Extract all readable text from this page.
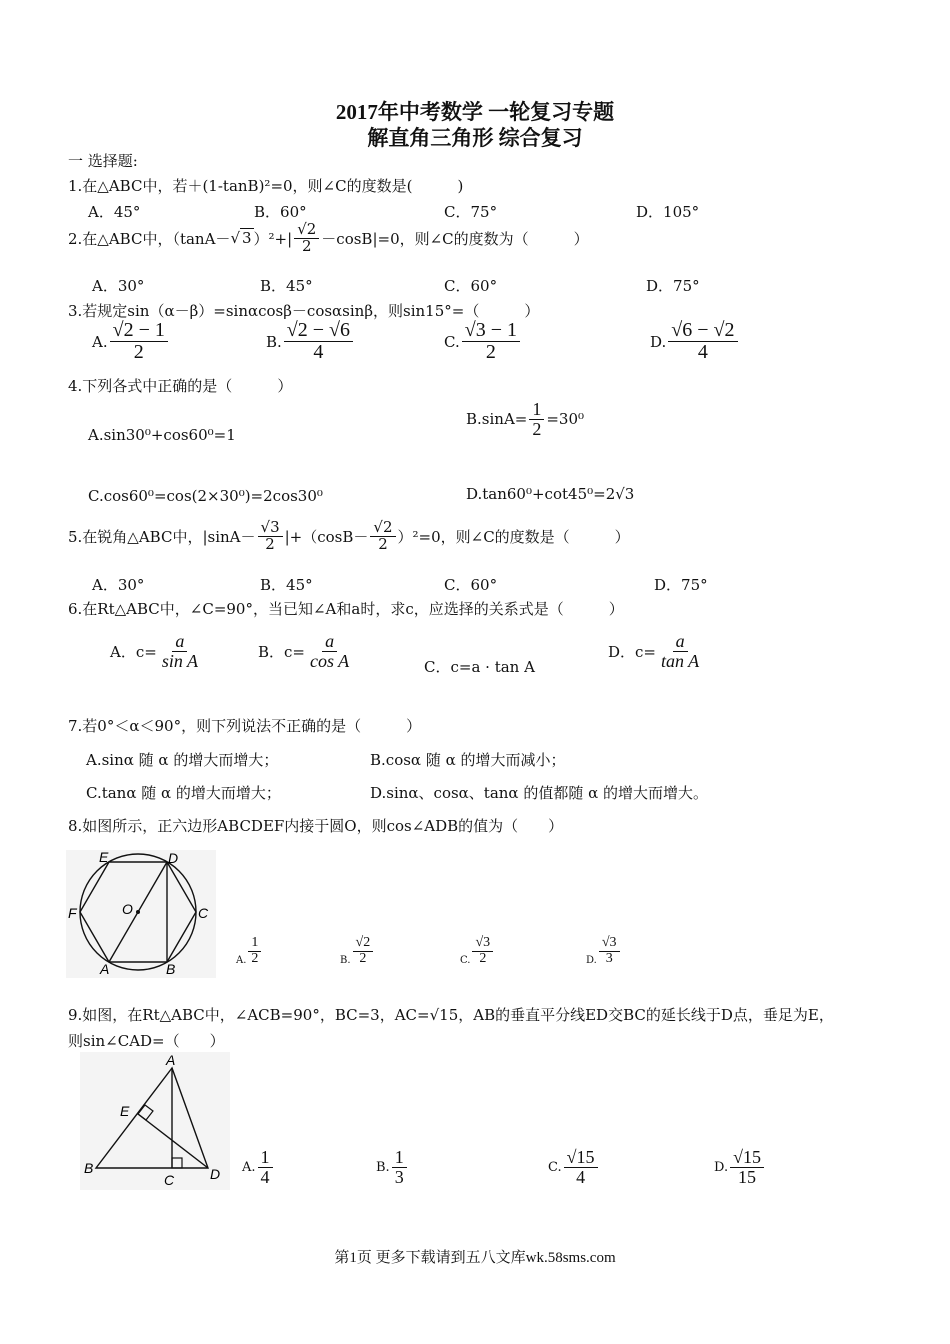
2017年中考数学 一轮复习专题
解直角三角形 综合复习
一 选择题:
1.在△ABC中，若＋(1-tanB)²=0，则∠C的度数是(　　　)
A．45°	B．60°	C．75°	D．105°
2.在△ABC中，（tanA－ √ 3 ）$^2+| \frac{√2}{2} -\cos B|=0$，则∠C的度数为（　　　）
A．30°	B．45°	C．60°	D．75°
3.若规定sin（α－β）=sinαcosβ－cosαsinβ，则sin15°=（　　　）
A. $\frac{√2 - 1}{2}$	B. $\frac{√2 - √6}{4}$	C. $\frac{√3 - 1}{2}$	D. $\frac{√6 - √2}{4}$
4.下列各式中正确的是（　　　）
A.sin30⁰+cos60⁰=1
$B.\sin A= \frac{1}{2} =30^0$
C.cos60⁰=cos(2×30⁰)=2cos30⁰	D.tan60⁰+cot45⁰=2√3
5.在锐角△ABC中，$|\sin A- \frac{√3}{2} |+(\cos B- \frac{√2}{2} )^2=0$，则∠C的度数是（　　　）
A．30°	B．45°	C．60°	D．75°
6.在Rt△ABC中，∠C=90°，当已知∠A和a时，求c，应选择的关系式是（　　　）
A．$c= \frac{a}{\text{sin A}}$	B．$c= \frac{a}{\text{cos A}}$	C．c=a · tan A
D．$c= \frac{a}{\text{tan A}}$
7.若0°＜α＜90°，则下列说法不正确的是（　　　）
A.sinα 随 α 的增大而增大；	B.cosα 随 α 的增大而减小；
C.tanα 随 α 的增大而增大；	D.sinα、cosα、tanα 的值都随 α 的增大而增大。
8.如图所示，正六边形ABCDEF内接于圆O，则cos∠ADB的值为（　　）
E	D
F	O	C
A	B
A. $\frac{1}{2}$	B. $\frac{√2}{2}$	C. $\frac{√3}{2}$	D. $\frac{√3}{3}$
9.如图，在Rt△ABC中，∠ACB=90°，BC=3，AC=√15，AB的垂直平分线ED交BC的延长线于D点，垂足为E，
则sin∠CAD=（　　）
A
E
B
C	D A. $\frac{1}{4}$	B. $\frac{1}{3}$	C. $\frac{√15}{4}$	D. $\frac{√15}{15}$
第1页 更多下载请到五八文库wk.58sms.com
